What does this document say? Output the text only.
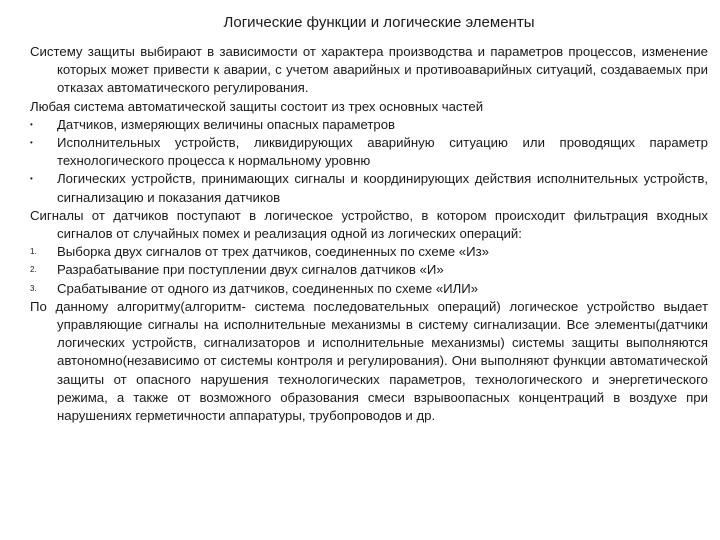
Логические функции и логические элементы

Систему защиты выбирают в зависимости от характера производства и параметров процессов, изменение которых может привести к аварии, с учетом аварийных и противоаварийных ситуаций, создаваемых при отказах автоматического регулирования.

Любая система автоматической защиты состоит из трех основных частей

• Датчиков, измеряющих величины опасных параметров
• Исполнительных устройств, ликвидирующих аварийную ситуацию или проводящих параметр технологического процесса к нормальному уровню
• Логических устройств, принимающих сигналы и координирующих действия исполнительных устройств, сигнализацию и показания датчиков

Сигналы от датчиков поступают в логическое устройство, в котором происходит фильтрация входных сигналов от случайных помех и реализация одной из логических операций:

1. Выборка двух сигналов от трех датчиков, соединенных по схеме «Из»
2. Разрабатывание при поступлении двух сигналов датчиков «И»
3. Срабатывание от одного из датчиков, соединенных по схеме «ИЛИ»

По данному алгоритму(алгоритм- система последовательных операций) логическое устройство выдает управляющие сигналы на исполнительные механизмы в систему сигнализации. Все элементы(датчики логических устройств, сигнализаторов и исполнительные механизмы) системы защиты выполняются автономно(независимо от системы контроля и регулирования). Они выполняют функции автоматической защиты от опасного нарушения технологических параметров, технологического и энергетического режима, а также от возможного образования смеси взрывоопасных концентраций в воздухе при нарушениях герметичности аппаратуры, трубопроводов и др.
